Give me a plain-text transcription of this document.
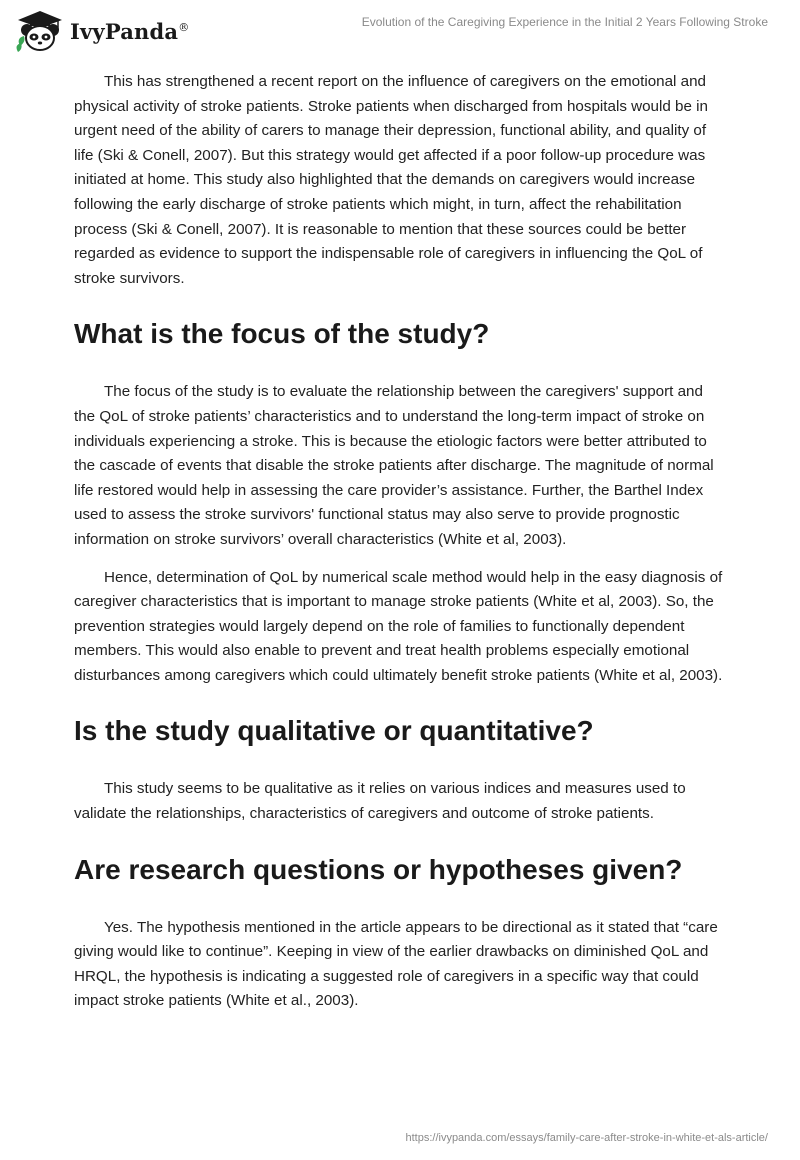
IvyPanda®	Evolution of the Caregiving Experience in the Initial 2 Years Following Stroke

This has strengthened a recent report on the influence of caregivers on the emotional and physical activity of stroke patients. Stroke patients when discharged from hospitals would be in urgent need of the ability of carers to manage their depression, functional ability, and quality of life (Ski & Conell, 2007). But this strategy would get affected if a poor follow-up procedure was initiated at home. This study also highlighted that the demands on caregivers would increase following the early discharge of stroke patients which might, in turn, affect the rehabilitation process (Ski & Conell, 2007). It is reasonable to mention that these sources could be better regarded as evidence to support the indispensable role of caregivers in influencing the QoL of stroke survivors.

What is the focus of the study?

The focus of the study is to evaluate the relationship between the caregivers' support and the QoL of stroke patients’ characteristics and to understand the long-term impact of stroke on individuals experiencing a stroke. This is because the etiologic factors were better attributed to the cascade of events that disable the stroke patients after discharge. The magnitude of normal life restored would help in assessing the care provider’s assistance. Further, the Barthel Index used to assess the stroke survivors' functional status may also serve to provide prognostic information on stroke survivors’ overall characteristics (White et al, 2003).

Hence, determination of QoL by numerical scale method would help in the easy diagnosis of caregiver characteristics that is important to manage stroke patients (White et al, 2003). So, the prevention strategies would largely depend on the role of families to functionally dependent members. This would also enable to prevent and treat health problems especially emotional disturbances among caregivers which could ultimately benefit stroke patients (White et al, 2003).

Is the study qualitative or quantitative?

This study seems to be qualitative as it relies on various indices and measures used to validate the relationships, characteristics of caregivers and outcome of stroke patients.

Are research questions or hypotheses given?

Yes. The hypothesis mentioned in the article appears to be directional as it stated that “care giving would like to continue”. Keeping in view of the earlier drawbacks on diminished QoL and HRQL, the hypothesis is indicating a suggested role of caregivers in a specific way that could impact stroke patients (White et al., 2003).

https://ivypanda.com/essays/family-care-after-stroke-in-white-et-als-article/
